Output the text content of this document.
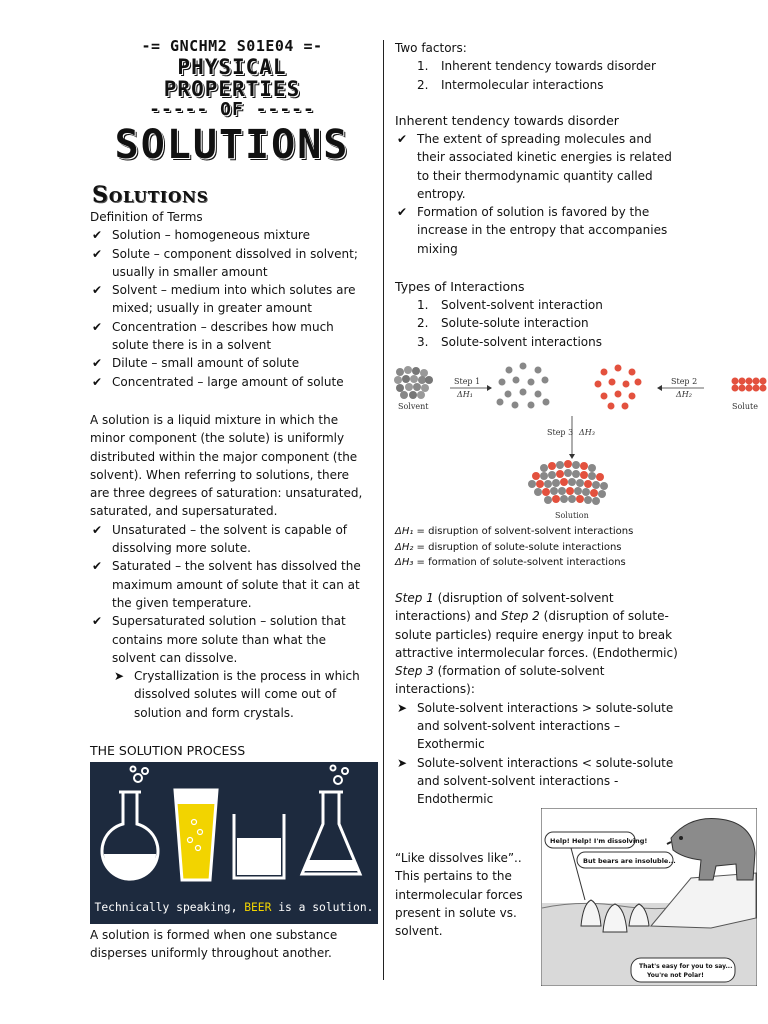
-= GNCHM2 S01E04 =-
PHYSICAL
PROPERTIES
----- OF -----
SOLUTIONS
Solutions
Definition of Terms
✔ Solution – homogeneous mixture
✔ Solute – component dissolved in solvent; usually in smaller amount
✔ Solvent – medium into which solutes are mixed; usually in greater amount
✔ Concentration – describes how much solute there is in a solvent
✔ Dilute – small amount of solute
✔ Concentrated – large amount of solute

A solution is a liquid mixture in which the minor component (the solute) is uniformly distributed within the major component (the solvent). When referring to solutions, there are three degrees of saturation: unsaturated, saturated, and supersaturated.

✔ Unsaturated – the solvent is capable of dissolving more solute.
✔ Saturated – the solvent has dissolved the maximum amount of solute that it can at the given temperature.
✔ Supersaturated solution – solution that contains more solute than what the solvent can dissolve.
➤ Crystallization is the process in which dissolved solutes will come out of solution and form crystals.
THE SOLUTION PROCESS
Technically speaking, BEER is a solution.

A solution is formed when one substance disperses uniformly throughout another.

Two factors:
1. Inherent tendency towards disorder
2. Intermolecular interactions
Inherent tendency towards disorder
✔ The extent of spreading molecules and their associated kinetic energies is related to their thermodynamic quantity called entropy.
✔ Formation of solution is favored by the increase in the entropy that accompanies mixing
Types of Interactions
1. Solvent-solvent interaction
2. Solute-solute interaction
3. Solute-solvent interactions
Solvent
Step 1
ΔH₁
Step 2
ΔH₂
Solute
Step 3 ΔH₃
Solution
ΔH₁ = disruption of solvent-solvent interactions
ΔH₂ = disruption of solute-solute interactions
ΔH₃ = formation of solute-solvent interactions

Step 1 (disruption of solvent-solvent interactions) and Step 2 (disruption of solute-solute particles) require energy input to break attractive intermolecular forces. (Endothermic)

Step 3 (formation of solute-solvent interactions):

➤ Solute-solvent interactions > solute-solute and solvent-solvent interactions – Exothermic
➤ Solute-solvent interactions < solute-solute and solvent-solvent interactions - Endothermic

“Like dissolves like”..

This pertains to the intermolecular forces present in solute vs. solvent.

Help! Help! I'm dissolving!
But bears are insoluble...
That's easy for you to say...
You're not Polar!
